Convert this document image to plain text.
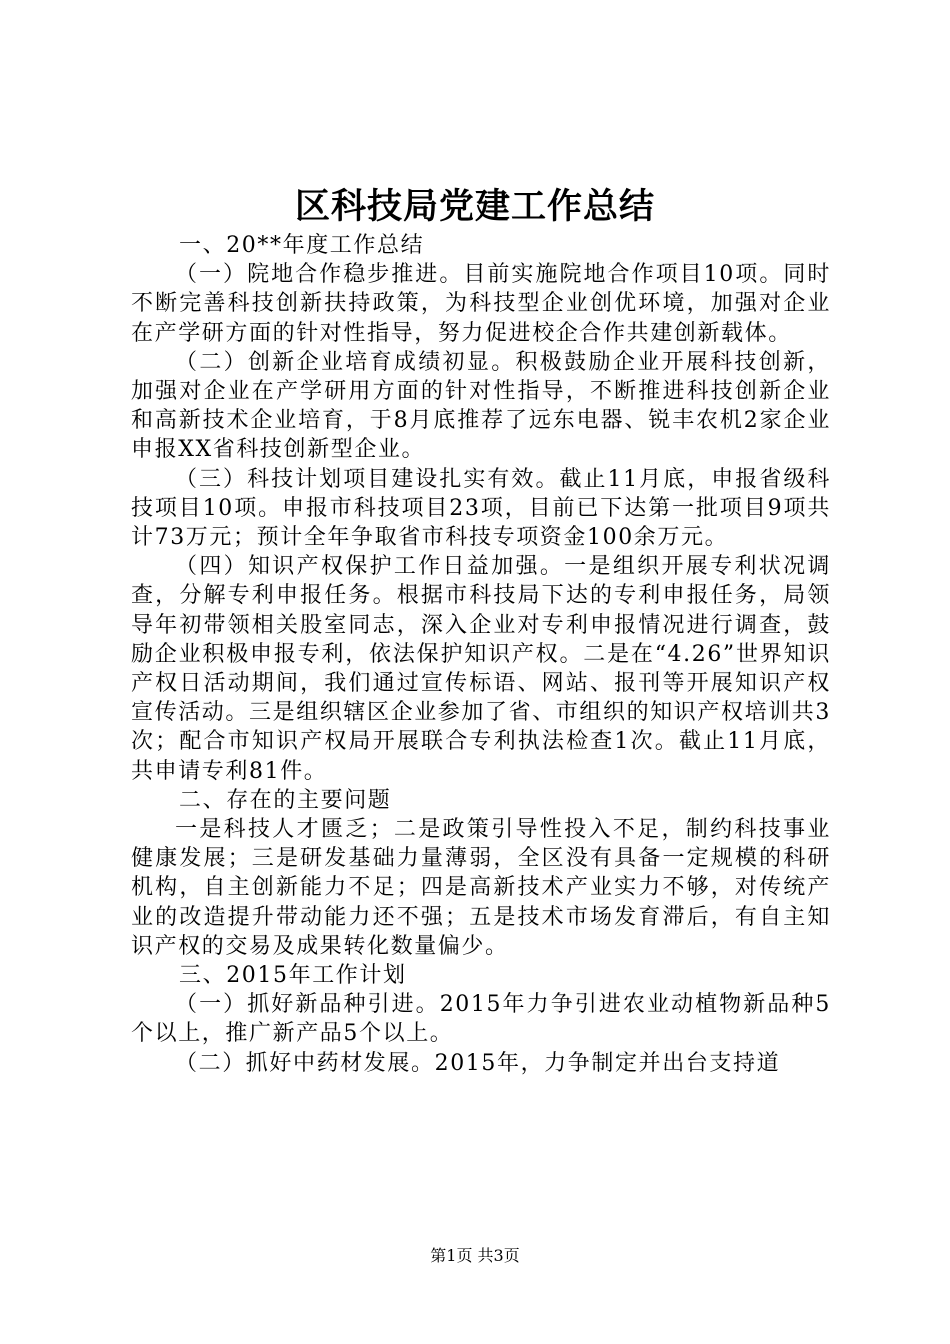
区科技局党建工作总结

一、20**年度工作总结

（一）院地合作稳步推进。目前实施院地合作项目10项。同时不断完善科技创新扶持政策，为科技型企业创优环境，加强对企业在产学研方面的针对性指导，努力促进校企合作共建创新载体。

（二）创新企业培育成绩初显。积极鼓励企业开展科技创新，加强对企业在产学研用方面的针对性指导，不断推进科技创新企业和高新技术企业培育，于8月底推荐了远东电器、锐丰农机2家企业申报XX省科技创新型企业。

（三）科技计划项目建设扎实有效。截止11月底，申报省级科技项目10项。申报市科技项目23项，目前已下达第一批项目9项共计73万元；预计全年争取省市科技专项资金100余万元。

（四）知识产权保护工作日益加强。一是组织开展专利状况调查，分解专利申报任务。根据市科技局下达的专利申报任务，局领导年初带领相关股室同志，深入企业对专利申报情况进行调查，鼓励企业积极申报专利，依法保护知识产权。二是在“4.26”世界知识产权日活动期间，我们通过宣传标语、网站、报刊等开展知识产权宣传活动。三是组织辖区企业参加了省、市组织的知识产权培训共3次；配合市知识产权局开展联合专利执法检查1次。截止11月底，共申请专利81件。

二、存在的主要问题

一是科技人才匮乏；二是政策引导性投入不足，制约科技事业健康发展；三是研发基础力量薄弱，全区没有具备一定规模的科研机构，自主创新能力不足；四是高新技术产业实力不够，对传统产业的改造提升带动能力还不强；五是技术市场发育滞后，有自主知识产权的交易及成果转化数量偏少。

三、2015年工作计划

（一）抓好新品种引进。2015年力争引进农业动植物新品种5个以上，推广新产品5个以上。

（二）抓好中药材发展。2015年，力争制定并出台支持道

第1页 共3页
